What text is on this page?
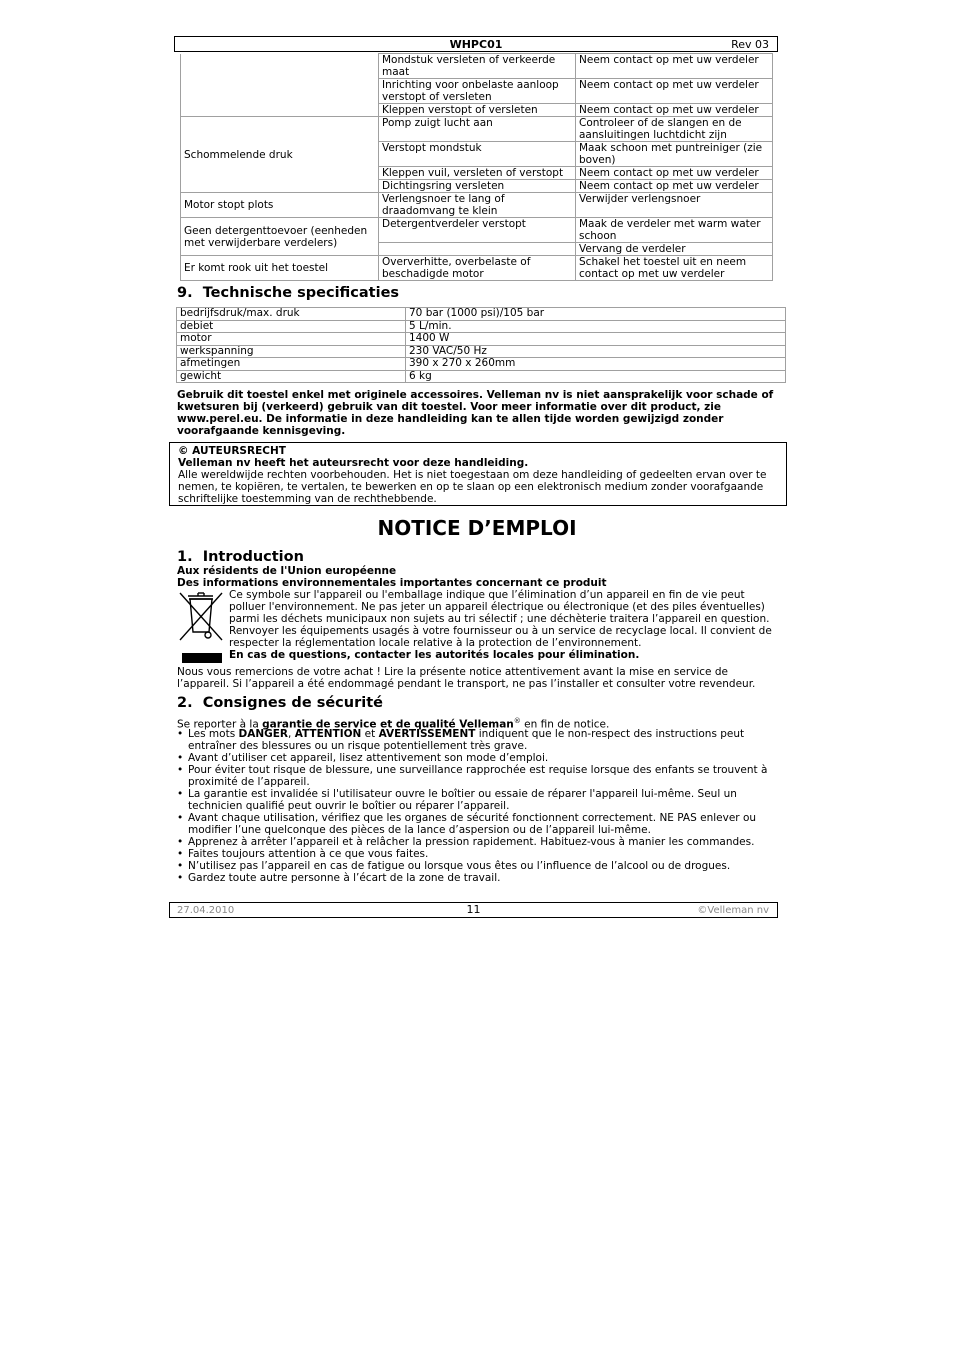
WHPC01	Rev 03
	Mondstuk versleten of verkeerde maat	Neem contact op met uw verdeler
	Inrichting voor onbelaste aanloop verstopt of versleten	Neem contact op met uw verdeler
	Kleppen verstopt of versleten	Neem contact op met uw verdeler
Schommelende druk	Pomp zuigt lucht aan	Controleer of de slangen en de aansluitingen luchtdicht zijn
	Verstopt mondstuk	Maak schoon met puntreiniger (zie boven)
	Kleppen vuil, versleten of verstopt	Neem contact op met uw verdeler
	Dichtingsring versleten	Neem contact op met uw verdeler
Motor stopt plots	Verlengsnoer te lang of draadomvang te klein	Verwijder verlengsnoer
Geen detergenttoevoer (eenheden met verwijderbare verdelers)	Detergentverdeler verstopt	Maak de verdeler met warm water schoon
		Vervang de verdeler
Er komt rook uit het toestel	Oververhitte, overbelaste of beschadigde motor	Schakel het toestel uit en neem contact op met uw verdeler
9.  Technische specificaties
bedrijfsdruk/max. druk	70 bar (1000 psi)/105 bar
debiet	5 L/min.
motor	1400 W
werkspanning	230 VAC/50 Hz
afmetingen	390 x 270 x 260mm
gewicht	6 kg

Gebruik dit toestel enkel met originele accessoires. Velleman nv is niet aansprakelijk voor schade of kwetsuren bij (verkeerd) gebruik van dit toestel. Voor meer informatie over dit product, zie www.perel.eu. De informatie in deze handleiding kan te allen tijde worden gewijzigd zonder voorafgaande kennisgeving.

© AUTEURSRECHT
Velleman nv heeft het auteursrecht voor deze handleiding.
Alle wereldwijde rechten voorbehouden. Het is niet toegestaan om deze handleiding of gedeelten ervan over te nemen, te kopiëren, te vertalen, te bewerken en op te slaan op een elektronisch medium zonder voorafgaande schriftelijke toestemming van de rechthebbende.
NOTICE D’EMPLOI
1.  Introduction
Aux résidents de l'Union européenne
Des informations environnementales importantes concernant ce produit

Ce symbole sur l'appareil ou l'emballage indique que l’élimination d’un appareil en fin de vie peut polluer l'environnement. Ne pas jeter un appareil électrique ou électronique (et des piles éventuelles) parmi les déchets municipaux non sujets au tri sélectif ; une déchèterie traitera l’appareil en question. Renvoyer les équipements usagés à votre fournisseur ou à un service de recyclage local. Il convient de respecter la réglementation locale relative à la protection de l’environnement.

En cas de questions, contacter les autorités locales pour élimination.

Nous vous remercions de votre achat ! Lire la présente notice attentivement avant la mise en service de l’appareil. Si l’appareil a été endommagé pendant le transport, ne pas l’installer et consulter votre revendeur.

2.  Consignes de sécurité

Se reporter à la garantie de service et de qualité Velleman® en fin de notice.

• Les mots DANGER, ATTENTION et AVERTISSEMENT indiquent que le non-respect des instructions peut entraîner des blessures ou un risque potentiellement très grave.
• Avant d’utiliser cet appareil, lisez attentivement son mode d’emploi.
• Pour éviter tout risque de blessure, une surveillance rapprochée est requise lorsque des enfants se trouvent à proximité de l’appareil.
• La garantie est invalidée si l'utilisateur ouvre le boîtier ou essaie de réparer l'appareil lui-même. Seul un technicien qualifié peut ouvrir le boîtier ou réparer l’appareil.
• Avant chaque utilisation, vérifiez que les organes de sécurité fonctionnent correctement. NE PAS enlever ou modifier l’une quelconque des pièces de la lance d’aspersion ou de l’appareil lui-même.
• Apprenez à arrêter l’appareil et à relâcher la pression rapidement. Habituez-vous à manier les commandes.
• Faites toujours attention à ce que vous faites.
• N’utilisez pas l’appareil en cas de fatigue ou lorsque vous êtes ou l’influence de l’alcool ou de drogues.
• Gardez toute autre personne à l’écart de la zone de travail.
27.04.2010	11	©Velleman nv
